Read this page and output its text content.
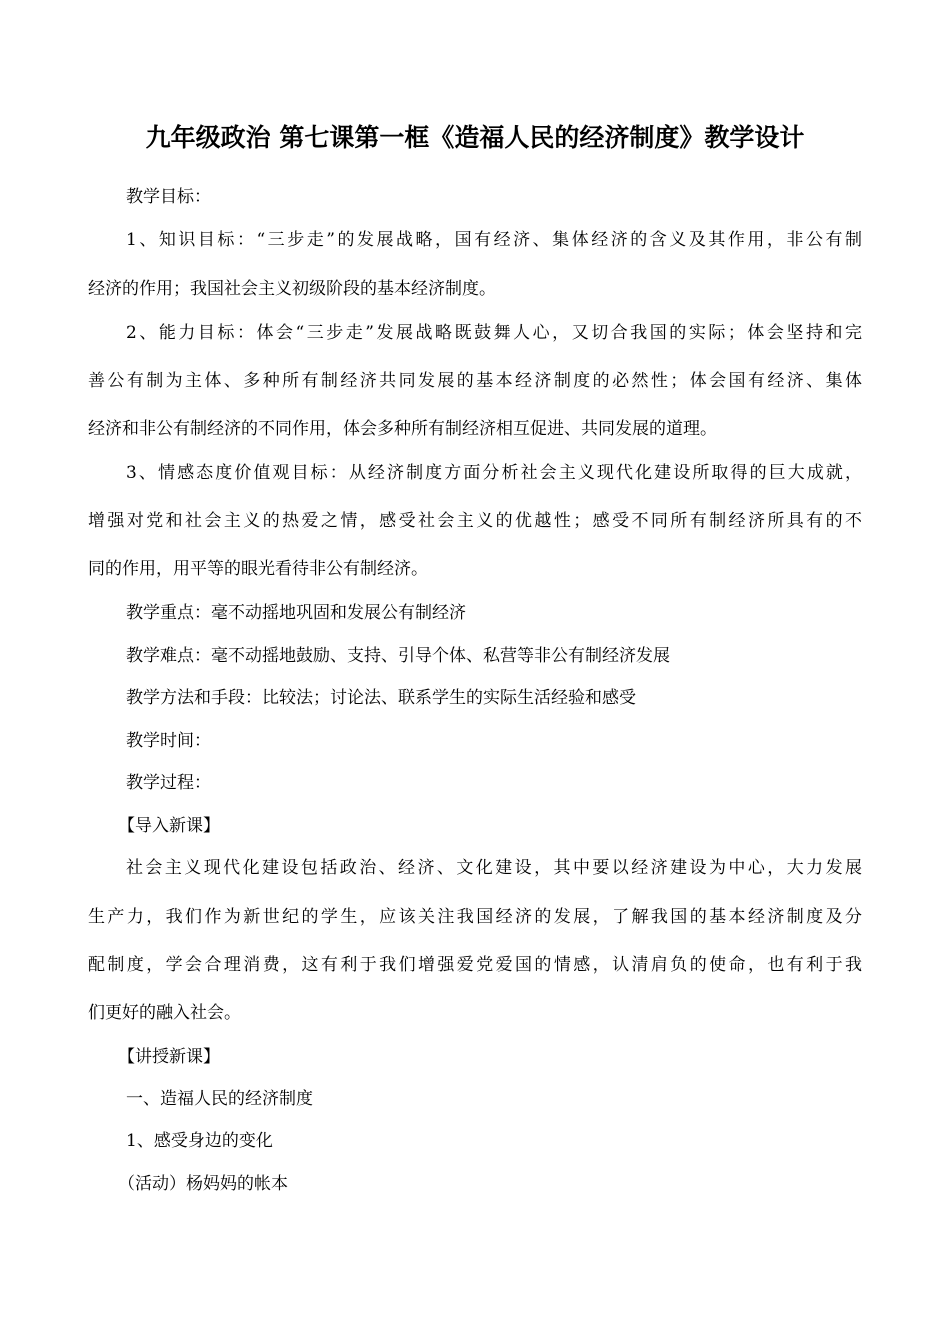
九年级政治 第七课第一框《造福人民的经济制度》教学设计
教学目标：
1、知识目标：“三步走”的发展战略，国有经济、集体经济的含义及其作用，非公有制
经济的作用；我国社会主义初级阶段的基本经济制度。
2、能力目标：体会“三步走”发展战略既鼓舞人心，又切合我国的实际；体会坚持和完
善公有制为主体、多种所有制经济共同发展的基本经济制度的必然性；体会国有经济、集体
经济和非公有制经济的不同作用，体会多种所有制经济相互促进、共同发展的道理。
3、情感态度价值观目标：从经济制度方面分析社会主义现代化建设所取得的巨大成就，
增强对党和社会主义的热爱之情，感受社会主义的优越性；感受不同所有制经济所具有的不
同的作用，用平等的眼光看待非公有制经济。
教学重点：毫不动摇地巩固和发展公有制经济
教学难点：毫不动摇地鼓励、支持、引导个体、私营等非公有制经济发展
教学方法和手段：比较法；讨论法、联系学生的实际生活经验和感受
教学时间：
教学过程：
【导入新课】
社会主义现代化建设包括政治、经济、文化建设，其中要以经济建设为中心，大力发展
生产力，我们作为新世纪的学生，应该关注我国经济的发展，了解我国的基本经济制度及分
配制度，学会合理消费，这有利于我们增强爱党爱国的情感，认清肩负的使命，也有利于我
们更好的融入社会。
【讲授新课】
一、造福人民的经济制度
1、感受身边的变化
（活动）杨妈妈的帐本
